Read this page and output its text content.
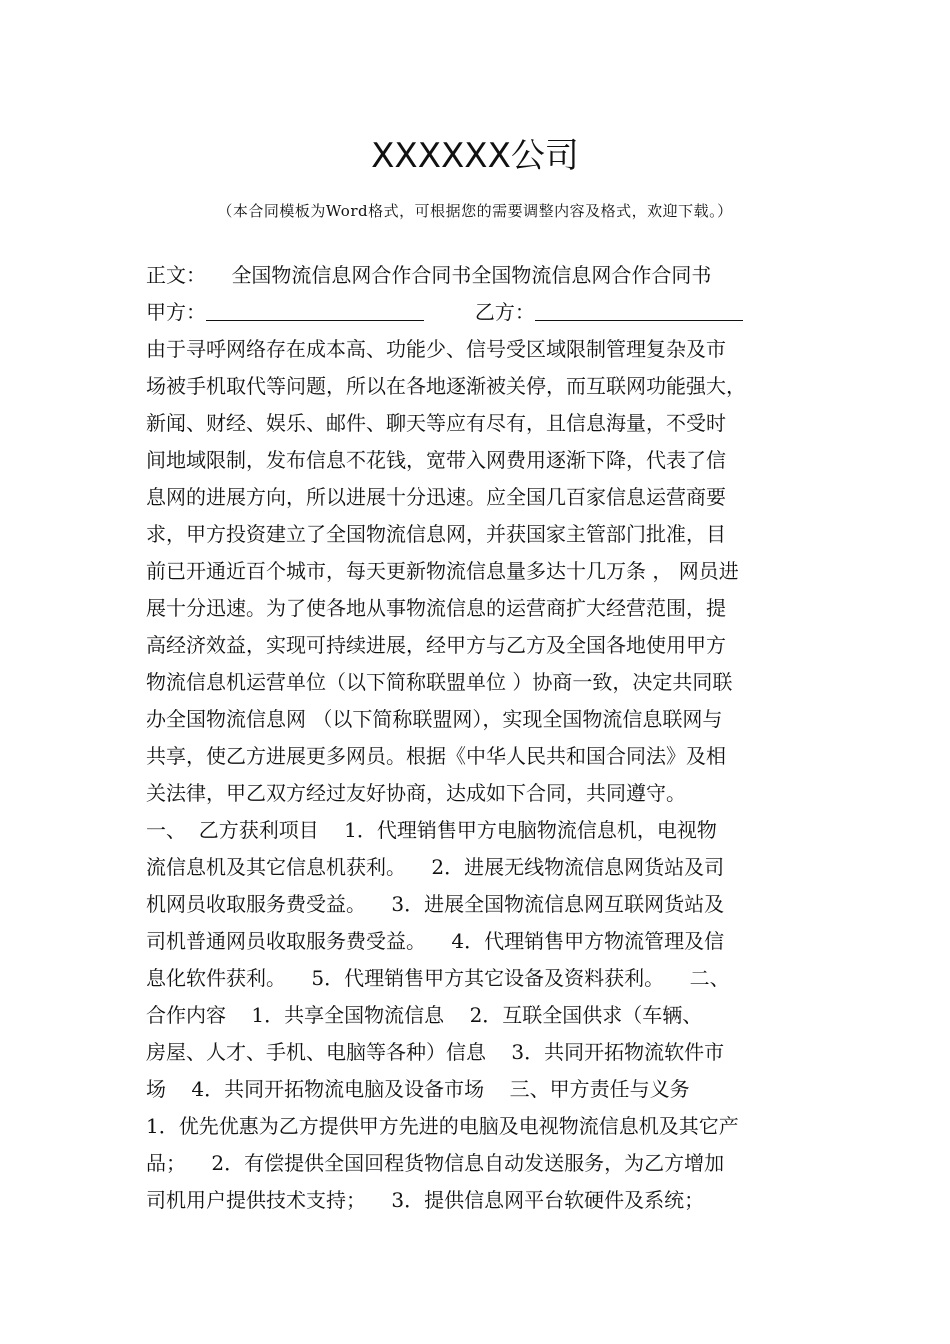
XXXXXX公司
（本合同模板为Word格式，可根据您的需要调整内容及格式，欢迎下载。）
正文： 全国物流信息网合作合同书全国物流信息网合作合同书
甲方：	乙方：
由于寻呼网络存在成本高、功能少、信号受区域限制管理复杂及市
场被手机取代等问题，所以在各地逐渐被关停，而互联网功能强大，
新闻、财经、娱乐、邮件、聊天等应有尽有，且信息海量，不受时
间地域限制，发布信息不花钱，宽带入网费用逐渐下降，代表了信
息网的进展方向，所以进展十分迅速。应全国几百家信息运营商要
求，甲方投资建立了全国物流信息网，并获国家主管部门批准，目
前已开通近百个城市，每天更新物流信息量多达十几万条 ， 网员进
展十分迅速。为了使各地从事物流信息的运营商扩大经营范围，提
高经济效益，实现可持续进展，经甲方与乙方及全国各地使用甲方
物流信息机运营单位（以下简称联盟单位 ）协商一致，决定共同联
办全国物流信息网 （以下简称联盟网），实现全国物流信息联网与
共享，使乙方进展更多网员。根据《中华人民共和国合同法》及相
关法律，甲乙双方经过友好协商，达成如下合同，共同遵守。
一、  乙方获利项目    1．代理销售甲方电脑物流信息机，电视物
流信息机及其它信息机获利。    2．进展无线物流信息网货站及司
机网员收取服务费受益。    3．进展全国物流信息网互联网货站及
司机普通网员收取服务费受益。    4．代理销售甲方物流管理及信
息化软件获利。    5．代理销售甲方其它设备及资料获利。    二、
合作内容    1．共享全国物流信息    2．互联全国供求（车辆、
房屋、人才、手机、电脑等各种）信息    3．共同开拓物流软件市
场    4．共同开拓物流电脑及设备市场    三、甲方责任与义务
1．优先优惠为乙方提供甲方先进的电脑及电视物流信息机及其它产
品；    2．有偿提供全国回程货物信息自动发送服务，为乙方增加
司机用户提供技术支持；    3．提供信息网平台软硬件及系统；
